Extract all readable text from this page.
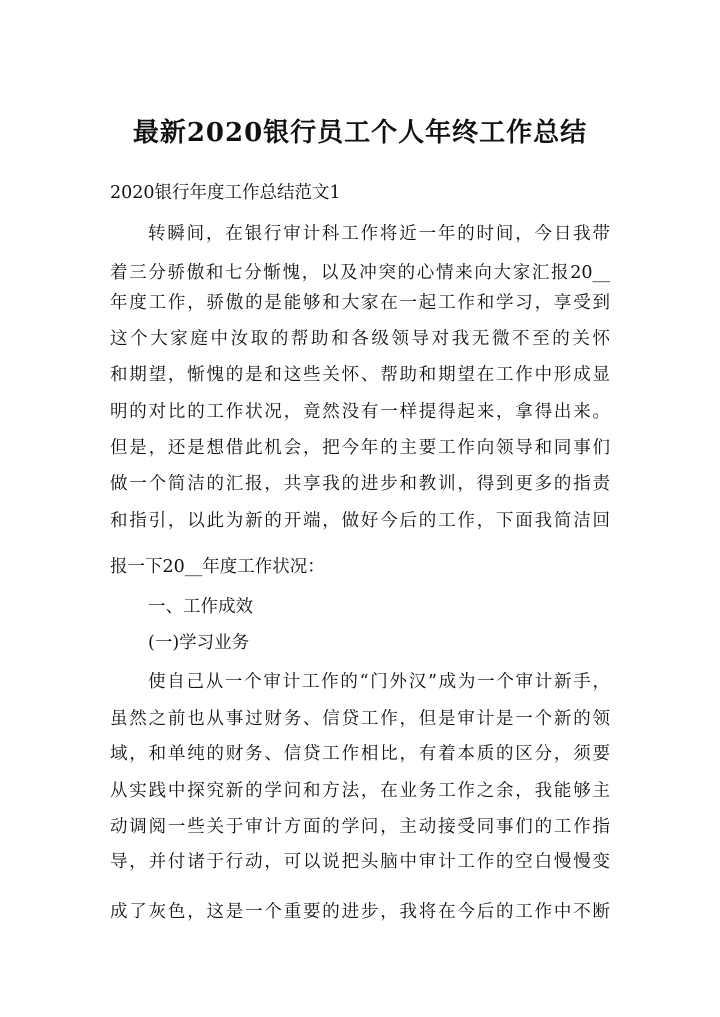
最新2020银行员工个人年终工作总结
2020银行年度工作总结范文1
转瞬间，在银行审计科工作将近一年的时间，今日我带
着三分骄傲和七分惭愧，以及冲突的心情来向大家汇报20__
年度工作，骄傲的是能够和大家在一起工作和学习，享受到
这个大家庭中汝取的帮助和各级领导对我无微不至的关怀
和期望，惭愧的是和这些关怀、帮助和期望在工作中形成显
明的对比的工作状况，竟然没有一样提得起来，拿得出来。
但是，还是想借此机会，把今年的主要工作向领导和同事们
做一个简洁的汇报，共享我的进步和教训，得到更多的指责
和指引，以此为新的开端，做好今后的工作，下面我简洁回
报一下20__年度工作状况：
一、工作成效
(一)学习业务
使自己从一个审计工作的“门外汉”成为一个审计新手，
虽然之前也从事过财务、信贷工作，但是审计是一个新的领
域，和单纯的财务、信贷工作相比，有着本质的区分，须要
从实践中探究新的学问和方法，在业务工作之余，我能够主
动调阅一些关于审计方面的学问，主动接受同事们的工作指
导，并付诸于行动，可以说把头脑中审计工作的空白慢慢变
成了灰色，这是一个重要的进步，我将在今后的工作中不断
